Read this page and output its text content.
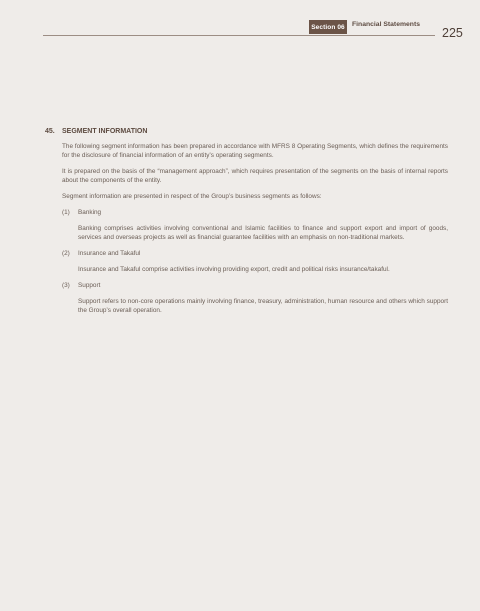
Section 06	Financial Statements
225
45. SEGMENT INFORMATION

The following segment information has been prepared in accordance with MFRS 8 Operating Segments, which defines the requirements for the disclosure of financial information of an entity’s operating segments.

It is prepared on the basis of the “management approach”, which requires presentation of the segments on the basis of internal reports about the components of the entity.

Segment information are presented in respect of the Group’s business segments as follows:

(1)	Banking

Banking comprises activities involving conventional and Islamic facilities to finance and support export and import of goods, services and overseas projects as well as financial guarantee facilities with an emphasis on non-traditional markets.

(2)	Insurance and Takaful

Insurance and Takaful comprise activities involving providing export, credit and political risks insurance/takaful.

(3)	Support

Support refers to non-core operations mainly involving finance, treasury, administration, human resource and others which support the Group’s overall operation.
